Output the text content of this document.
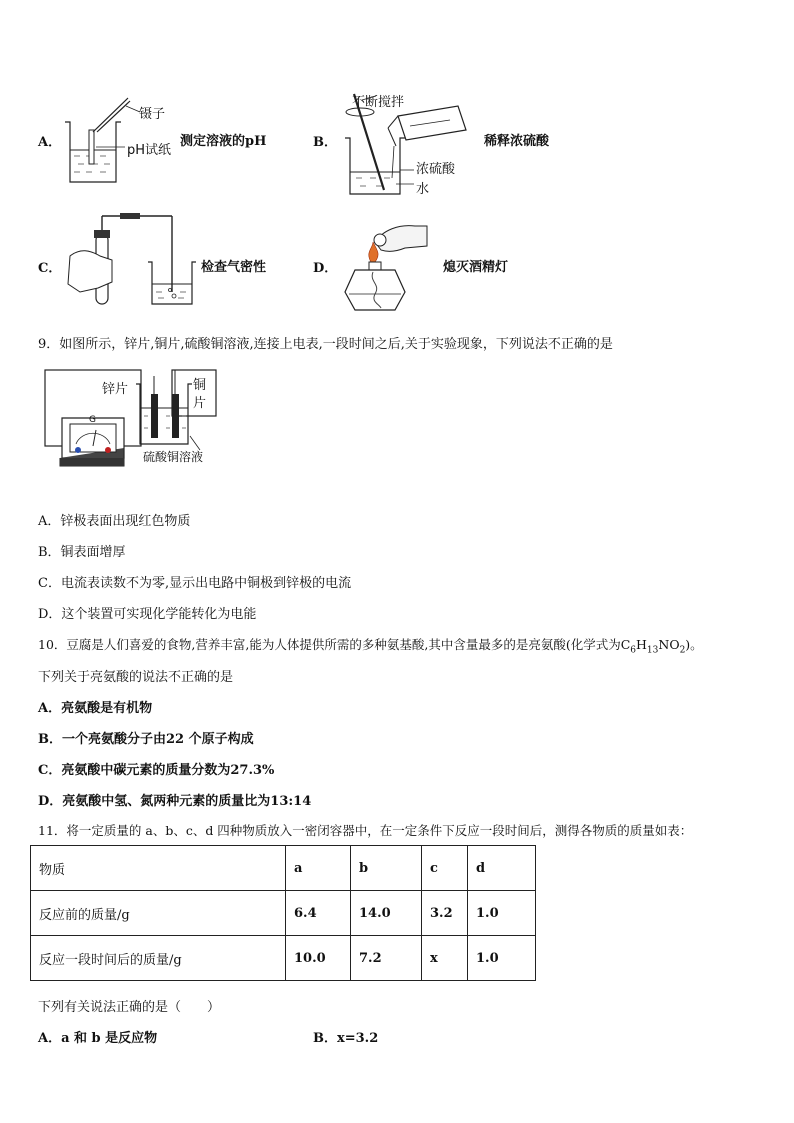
A．
镊子
pH试纸
测定溶液的pH	B．
不断搅拌
浓硫酸
水
稀释浓硫酸
C．	检查气密性	D．	熄灭酒精灯
9．如图所示，锌片,铜片,硫酸铜溶液,连接上电表,一段时间之后,关于实验现象，下列说法不正确的是
锌片	铜
片
硫酸铜溶液
G
A．锌极表面出现红色物质
B．铜表面增厚
C．电流表读数不为零,显示出电路中铜极到锌极的电流
D．这个装置可实现化学能转化为电能
10．豆腐是人们喜爱的食物,营养丰富,能为人体提供所需的多种氨基酸,其中含量最多的是亮氨酸(化学式为$C_6H_{13}NO_2$)。
下列关于亮氨酸的说法不正确的是
A．亮氨酸是有机物
B．一个亮氨酸分子由22 个原子构成
C．亮氨酸中碳元素的质量分数为27.3%
D．亮氨酸中氢、氮两种元素的质量比为13:14
11．将一定质量的 a、b、c、d 四种物质放入一密闭容器中，在一定条件下反应一段时间后，测得各物质的质量如表：
物质	a	b	c	d
反应前的质量/g	6.4	14.0	3.2	1.0
反应一段时间后的质量/g	10.0	7.2	x	1.0
下列有关说法正确的是（　　）
A．a 和 b 是反应物	B．x=3.2
